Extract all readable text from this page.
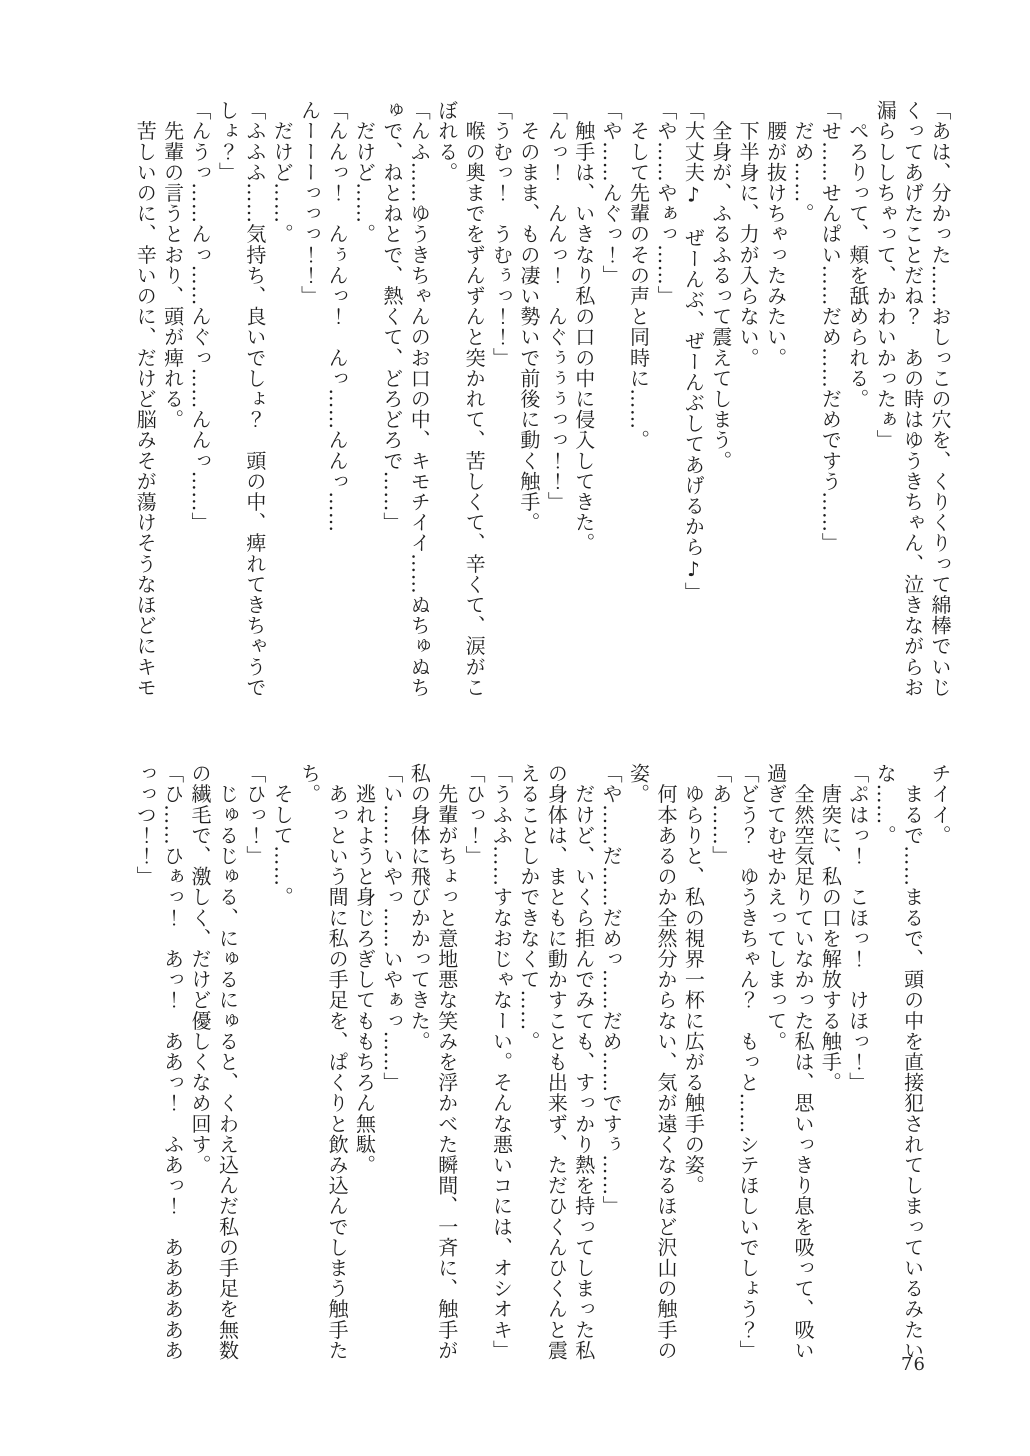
「あは、分かった……おしっこの穴を、くりくりって綿棒でいじ
くってあげたことだね？　あの時はゆうきちゃん、泣きながらお
漏らししちゃって、かわいかったぁ」
　ぺろりって、頬を舐められる。
「せ……せんぱい……だめ……だめですう……」
　だめ……。
　腰が抜けちゃったみたい。
　下半身に、力が入らない。
　全身が、ふるふるって震えてしまう。
「大丈夫♪　ぜーんぶ、ぜーんぶしてあげるから♪」
「や……やぁっ……」
　そして先輩のその声と同時に……。
「や……んぐっ！」
　触手は、いきなり私の口の中に侵入してきた。
「んっ！　んんっ！　んぐぅぅぅっっ！！」
　そのまま、もの凄い勢いで前後に動く触手。
「うむっ！　うむぅっ！！」
　喉の奥までをずんずんと突かれて、苦しくて、辛くて、涙がこ
ぼれる。
「んふ……ゆうきちゃんのお口の中、キモチイイ……ぬちゅぬち
ゅで、ねとねとで、熱くて、どろどろで……」
　だけど……。
「んんっ！　んぅんっ！　んっ……んんっ……
んーーーっっっ！！」
　だけど……。
「ふふふ……気持ち、良いでしょ？　頭の中、痺れてきちゃうで
しょ？」
「んうっ……んっ……んぐっ……んんっ……」
　先輩の言うとおり、頭が痺れる。
　苦しいのに、辛いのに、だけど脳みそが蕩けそうなほどにキモ
チイイ。
　まるで……まるで、頭の中を直接犯されてしまっているみたい
な……。
「ぷはっ！　こほっ！　けほっ！」
　唐突に、私の口を解放する触手。
　全然空気足りていなかった私は、思いっきり息を吸って、吸い
過ぎてむせかえってしまって。
「どう？　ゆうきちゃん？　もっと……シテほしいでしょう？」
「あ……」
　ゆらりと、私の視界一杯に広がる触手の姿。
　何本あるのか全然分からない、気が遠くなるほど沢山の触手の
姿。
「や……だ……だめっ……だめ……ですぅ……」
　だけど、いくら拒んでみても、すっかり熱を持ってしまった私
の身体は、まともに動かすことも出来ず、ただひくんひくんと震
えることしかできなくて……。
「うふふ……すなおじゃなーい。そんな悪いコには、オシオキ」
「ひっ！」
　先輩がちょっと意地悪な笑みを浮かべた瞬間、一斉に、触手が
私の身体に飛びかかってきた。
「い……いやっ……いやぁっ……」
　逃れようと身じろぎしてももちろん無駄。
　あっという間に私の手足を、ぱくりと飲み込んでしまう触手た
ち。
　そして……。
「ひっ！」
　じゅるじゅる、にゅるにゅると、くわえ込んだ私の手足を無数
の繊毛で、激しく、だけど優しくなめ回す。
「ひ……ひぁっ！　あっ！　ああっ！　ふあっ！　ああああああ
っっつ！！」
76
